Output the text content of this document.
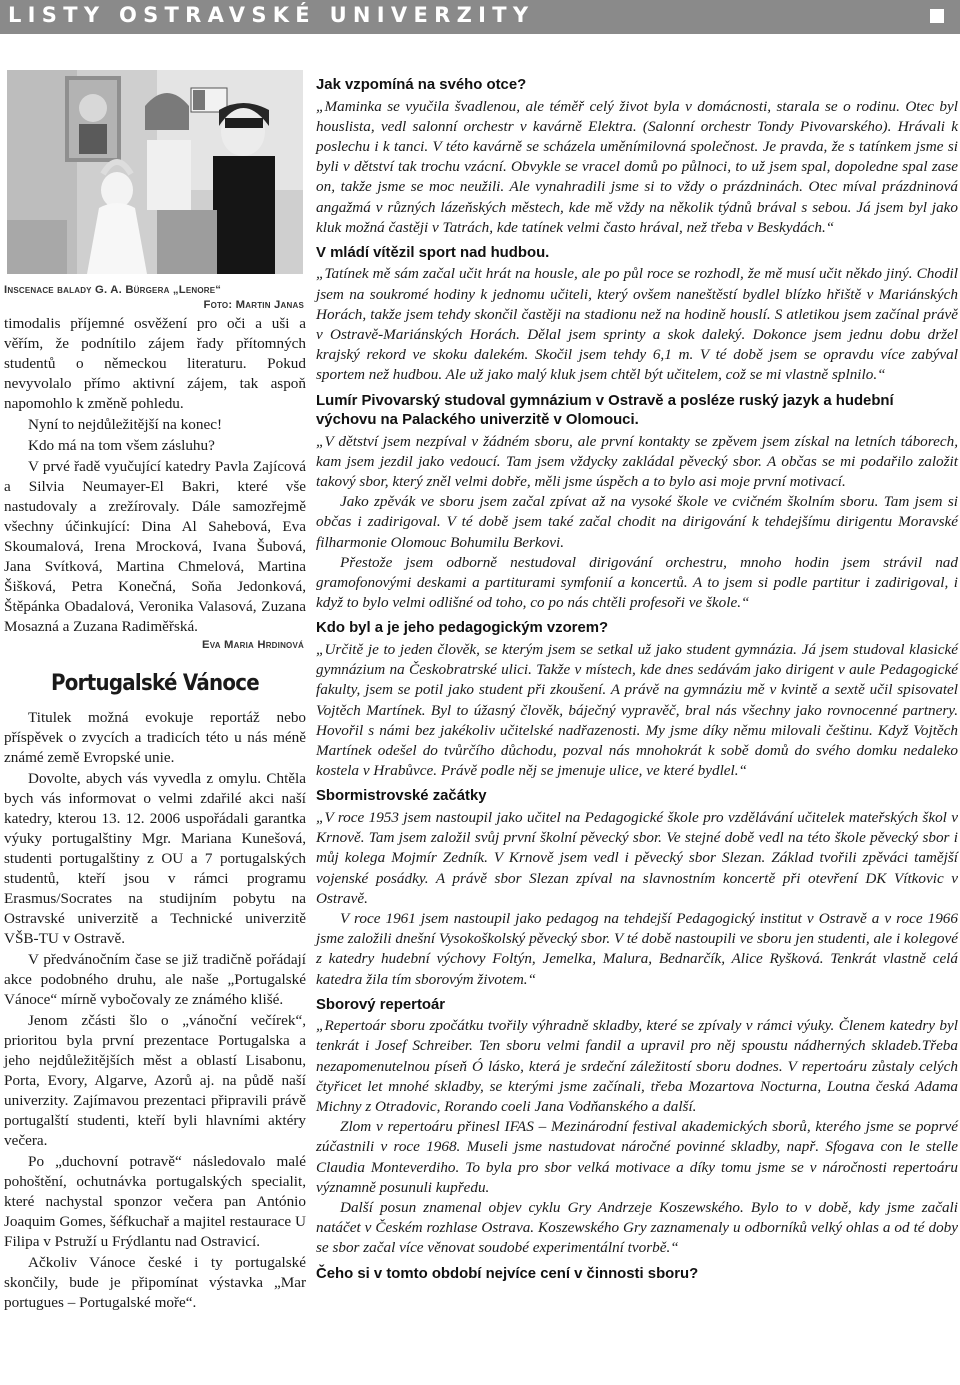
LISTY OSTRAVSKÉ UNIVERZITY
Inscenace balady G. A. Bürgera „Lenore“
Foto: Martin Janas

timodalis příjemné osvěžení pro oči a uši a věřím, že podnítilo zájem řady přítomných studentů o německou literaturu. Pokud nevyvolalo přímo aktivní zájem, tak aspoň napomohlo k změně pohledu.

Nyní to nejdůležitější na konec!

Kdo má na tom všem zásluhu?

V prvé řadě vyučující katedry Pavla Zajícová a Silvia Neumayer-El Bakri, které vše nastudovaly a zrežírovaly. Dále samozřejmě všechny účinkující: Dina Al Sahebová, Eva Skoumalová, Irena Mrocková, Ivana Šubová, Jana Svítková, Martina Chmelová, Martina Šišková, Petra Konečná, Soňa Jedonková, Štěpánka Obadalová, Veronika Valasová, Zuzana Mosazná a Zuzana Radiměřská.

Eva Maria Hrdinová
Portugalské Vánoce

Titulek možná evokuje reportáž nebo příspěvek o zvycích a tradicích této u nás méně známé země Evropské unie.

Dovolte, abych vás vyvedla z omylu. Chtěla bych vás informovat o velmi zdařilé akci naší katedry, kterou 13. 12. 2006 uspořádali garantka výuky portugalštiny Mgr. Mariana Kunešová, studenti portugalštiny z OU a 7 portugalských studentů, kteří jsou v rámci programu Erasmus/Socrates na studijním pobytu na Ostravské univerzitě a Technické univerzitě VŠB-TU v Ostravě.

V předvánočním čase se již tradičně pořádají akce podobného druhu, ale naše „Portugalské Vánoce“ mírně vybočovaly ze známého klišé.

Jenom zčásti šlo o „vánoční večírek“, prioritou byla první prezentace Portugalska a jeho nejdůležitějších měst a oblastí Lisabonu, Porta, Evory, Algarve, Azorů aj. na půdě naší univerzity. Zajímavou prezentaci připravili právě portugalští studenti, kteří byli hlavními aktéry večera.

Po „duchovní potravě“ následovalo malé pohoštění, ochutnávka portugalských specialit, které nachystal sponzor večera pan António Joaquim Gomes, šéfkuchař a majitel restaurace U Filipa v Pstruží u Frýdlantu nad Ostravicí.

Ačkoliv Vánoce české i ty portugalské skončily, bude je připomínat výstavka „Mar portugues – Portugalské moře“.

Jak vzpomíná na svého otce?

„Maminka se vyučila švadlenou, ale téměř celý život byla v domácnosti, starala se o rodinu. Otec byl houslista, vedl salonní orchestr v kavárně Elektra. (Salonní orchestr Tondy Pivovarského). Hrávali k poslechu i k tanci. V této kavárně se scházela uměnímilovná společnost. Je pravda, že s tatínkem jsme si byli v dětství tak trochu vzácní. Obvykle se vracel domů po půlnoci, to už jsem spal, dopoledne spal zase on, takže jsme se moc neužili. Ale vynahradili jsme si to vždy o prázdninách. Otec míval prázdninová angažmá v různých lázeňských městech, kde mě vždy na několik týdnů brával s sebou. Já jsem byl jako kluk možná častěji v Tatrách, kde tatínek velmi často hrával, než třeba v Beskydách.“

V mládí vítězil sport nad hudbou.

„Tatínek mě sám začal učit hrát na housle, ale po půl roce se rozhodl, že mě musí učit někdo jiný. Chodil jsem na soukromé hodiny k jednomu učiteli, který ovšem naneštěstí bydlel blízko hřiště v Mariánských Horách, takže jsem tehdy skončil častěji na stadionu než na hodině houslí. S atletikou jsem začínal právě v Ostravě-Mariánských Horách. Dělal jsem sprinty a skok daleký. Dokonce jsem jednu dobu držel krajský rekord ve skoku dalekém. Skočil jsem tehdy 6,1 m. V té době jsem se opravdu více zabýval sportem než hudbou. Ale už jako malý kluk jsem chtěl být učitelem, což se mi vlastně splnilo.“

Lumír Pivovarský studoval gymnázium v Ostravě a posléze ruský jazyk a hudební výchovu na Palackého univerzitě v Olomouci.

„V dětství jsem nezpíval v žádném sboru, ale první kontakty se zpěvem jsem získal na letních táborech, kam jsem jezdil jako vedoucí. Tam jsem vždycky zakládal pěvecký sbor. A občas se mi podařilo založit takový sbor, který zněl velmi dobře, měli jsme úspěch a to bylo asi moje první motivací.

Jako zpěvák ve sboru jsem začal zpívat až na vysoké škole ve cvičném školním sboru. Tam jsem si občas i zadirigoval. V té době jsem také začal chodit na dirigování k tehdejšímu dirigentu Moravské filharmonie Olomouc Bohumilu Berkovi.

Přestože jsem odborně nestudoval dirigování orchestru, mnoho hodin jsem strávil nad gramofonovými deskami a partiturami symfonií a koncertů. A to jsem si podle partitur i zadirigoval, i když to bylo velmi odlišné od toho, co po nás chtěli profesoři ve škole.“

Kdo byl a je jeho pedagogickým vzorem?

„Určitě je to jeden člověk, se kterým jsem se setkal už jako student gymnázia. Já jsem studoval klasické gymnázium na Českobratrské ulici. Takže v místech, kde dnes sedávám jako dirigent v aule Pedagogické fakulty, jsem se potil jako student při zkoušení. A právě na gymnáziu mě v kvintě a sextě učil spisovatel Vojtěch Martínek. Byl to úžasný člověk, báječný vypravěč, bral nás všechny jako rovnocenné partnery. Hovořil s námi bez jakékoliv učitelské nadřazenosti. My jsme díky němu milovali češtinu. Když Vojtěch Martínek odešel do tvůrčího důchodu, pozval nás mnohokrát k sobě domů do svého domku nedaleko kostela v Hrabůvce. Právě podle něj se jmenuje ulice, ve které bydlel.“

Sbormistrovské začátky

„V roce 1953 jsem nastoupil jako učitel na Pedagogické škole pro vzdělávání učitelek mateřských škol v Krnově. Tam jsem založil svůj první školní pěvecký sbor. Ve stejné době vedl na této škole pěvecký sbor i můj kolega Mojmír Zedník. V Krnově jsem vedl i pěvecký sbor Slezan. Základ tvořili zpěváci tamější vojenské posádky. A právě sbor Slezan zpíval na slavnostním koncertě při otevření DK Vítkovic v Ostravě.

V roce 1961 jsem nastoupil jako pedagog na tehdejší Pedagogický institut v Ostravě a v roce 1966 jsme založili dnešní Vysokoškolský pěvecký sbor. V té době nastoupili ve sboru jen studenti, ale i kolegové z katedry hudební výchovy Foltýn, Jemelka, Malura, Bednarčík, Alice Ryšková. Tenkrát vlastně celá katedra žila tím sborovým životem.“

Sborový repertoár

„Repertoár sboru zpočátku tvořily výhradně skladby, které se zpívaly v rámci výuky. Členem katedry byl tenkrát i Josef Schreiber. Ten sboru velmi fandil a upravil pro něj spoustu nádherných skladeb.Třeba nezapomenutelnou píseň Ó lásko, která je srdeční záležitostí sboru dodnes. V repertoáru zůstaly celých čtyřicet let mnohé skladby, se kterými jsme začínali, třeba Mozartova Nocturna, Loutna česká Adama Michny z Otradovic, Rorando coeli Jana Vodňanského a další.

Zlom v repertoáru přinesl IFAS – Mezinárodní festival akademických sborů, kterého jsme se poprvé zúčastnili v roce 1968. Museli jsme nastudovat náročné povinné skladby, např. Sfogava con le stelle Claudia Monteverdiho. To byla pro sbor velká motivace a díky tomu jsme se v náročnosti repertoáru významně posunuli kupředu.

Další posun znamenal objev cyklu Gry Andrzeje Koszewského. Bylo to v době, kdy jsme začali natáčet v Českém rozhlase Ostrava. Koszewského Gry zaznamenaly u odborníků velký ohlas a od té doby se sbor začal více věnovat soudobé experimentální tvorbě.“

Čeho si v tomto období nejvíce cení v činnosti sboru?
